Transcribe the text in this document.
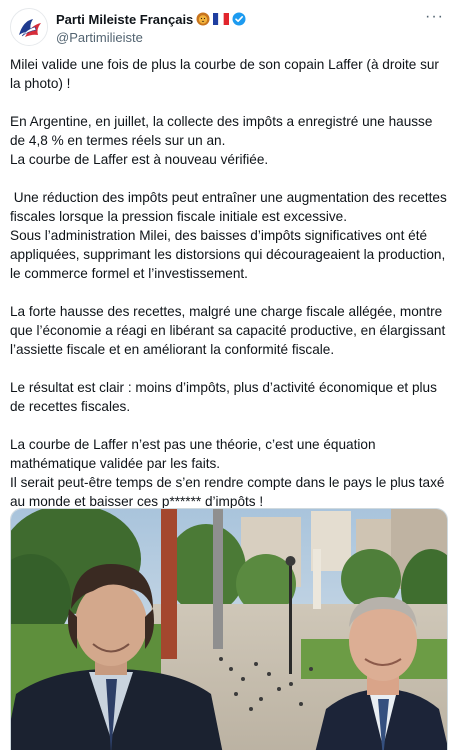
Parti Mileiste Français
@Partimilieiste
···

Milei valide une fois de plus la courbe de son copain Laffer (à droite sur la photo) !

En Argentine, en juillet, la collecte des impôts a enregistré une hausse de 4,8 % en termes réels sur un an.
La courbe de Laffer est à nouveau vérifiée.

Une réduction des impôts peut entraîner une augmentation des recettes fiscales lorsque la pression fiscale initiale est excessive.
Sous l’administration Milei, des baisses d’impôts significatives ont été appliquées, supprimant les distorsions qui décourageaient la production, le commerce formel et l’investissement.

La forte hausse des recettes, malgré une charge fiscale allégée, montre que l’économie a réagi en libérant sa capacité productive, en élargissant l’assiette fiscale et en améliorant la conformité fiscale.

Le résultat est clair : moins d’impôts, plus d’activité économique et plus de recettes fiscales.

La courbe de Laffer n’est pas une théorie, c’est une équation mathématique validée par les faits.
Il serait peut-être temps de s’en rendre compte dans le pays le plus taxé au monde et baisser ces p****** d’impôts !
